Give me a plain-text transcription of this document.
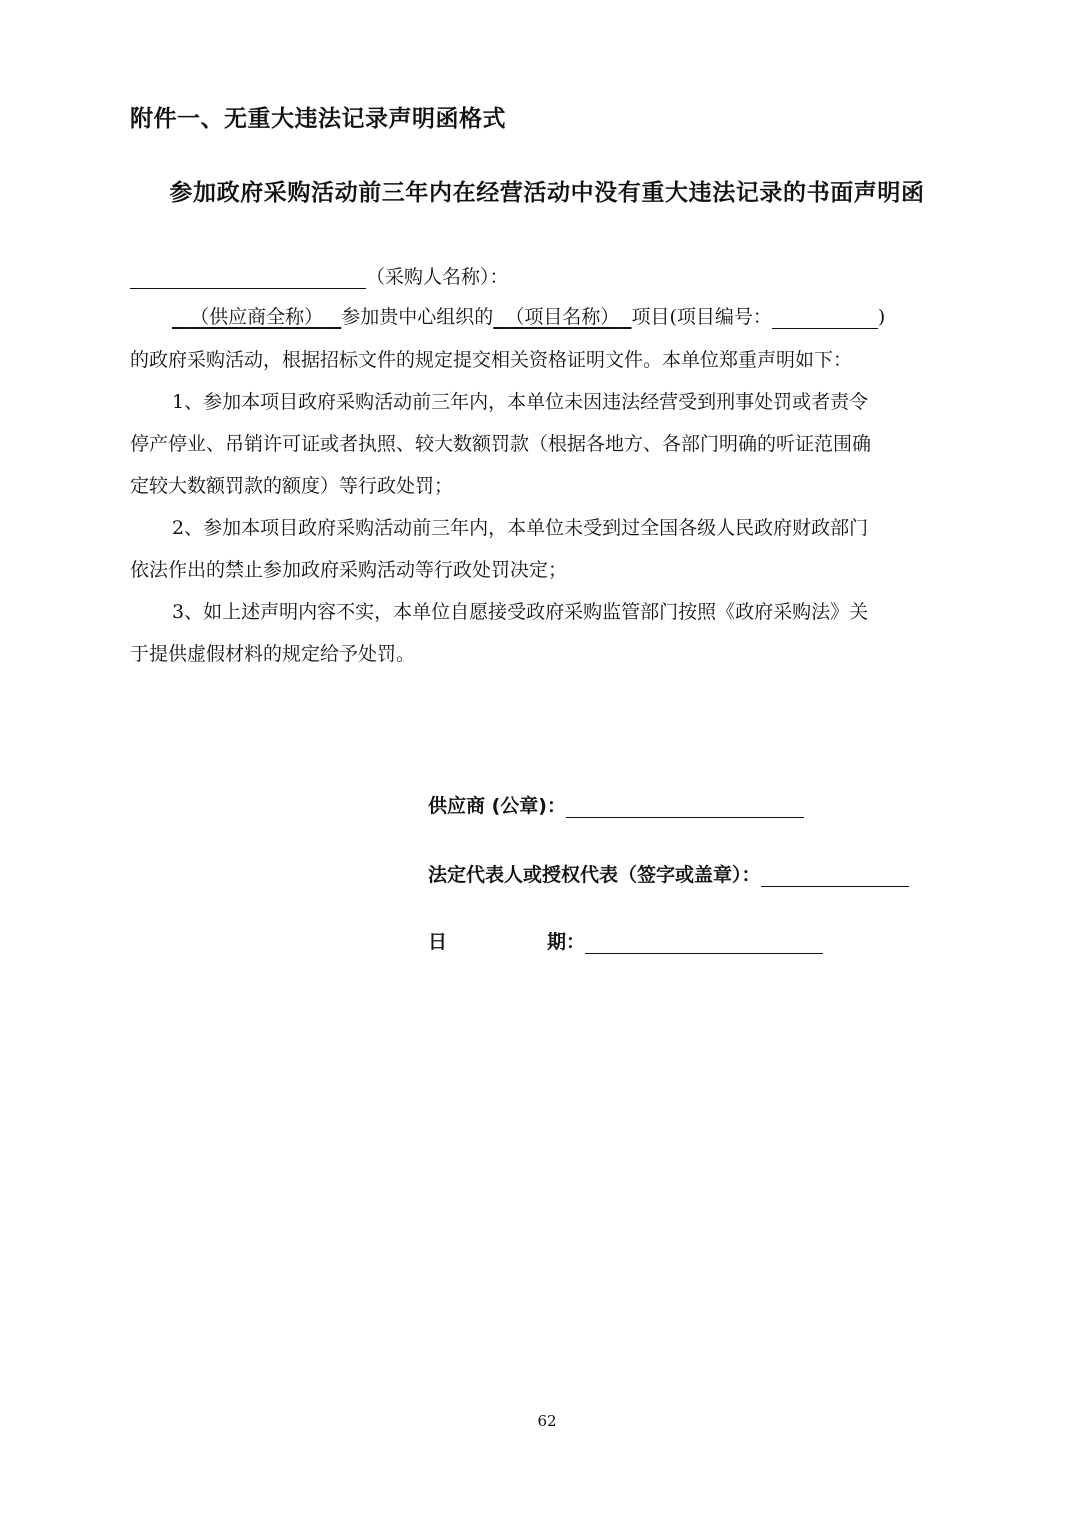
附件一、无重大违法记录声明函格式
参加政府采购活动前三年内在经营活动中没有重大违法记录的书面声明函
（采购人名称）：
（供应商全称） 参加贵中心组织的 （项目名称） 项目(项目编号：	)
的政府采购活动，根据招标文件的规定提交相关资格证明文件。本单位郑重声明如下：
1、参加本项目政府采购活动前三年内，本单位未因违法经营受到刑事处罚或者责令
停产停业、吊销许可证或者执照、较大数额罚款（根据各地方、各部门明确的听证范围确
定较大数额罚款的额度）等行政处罚；
2、参加本项目政府采购活动前三年内，本单位未受到过全国各级人民政府财政部门
依法作出的禁止参加政府采购活动等行政处罚决定；
3、如上述声明内容不实，本单位自愿接受政府采购监管部门按照《政府采购法》关
于提供虚假材料的规定给予处罚。
供应商 (公章)：
法定代表人或授权代表（签字或盖章）：
日	期：
62
